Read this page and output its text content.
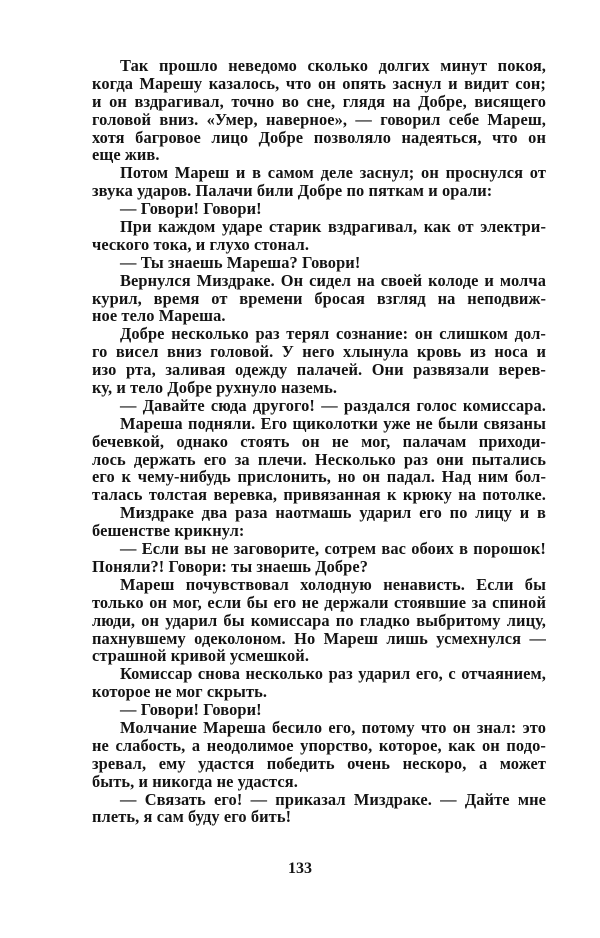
Так прошло неведомо сколько долгих минут покоя,
когда Марешу казалось, что он опять заснул и видит сон;
и он вздрагивал, точно во сне, глядя на Добре, висящего
головой вниз. «Умер, наверное», — говорил себе Мареш,
хотя багровое лицо Добре позволяло надеяться, что он
еще жив.
Потом Мареш и в самом деле заснул; он проснулся от
звука ударов. Палачи били Добре по пяткам и орали:
— Говори! Говори!
При каждом ударе старик вздрагивал, как от электри-
ческого тока, и глухо стонал.
— Ты знаешь Мареша? Говори!
Вернулся Миздраке. Он сидел на своей колоде и молча
курил, время от времени бросая взгляд на неподвиж-
ное тело Мареша.
Добре несколько раз терял сознание: он слишком дол-
го висел вниз головой. У него хлынула кровь из носа и
изо рта, заливая одежду палачей. Они развязали верев-
ку, и тело Добре рухнуло наземь.
— Давайте сюда другого! — раздался голос комиссара.
Мареша подняли. Его щиколотки уже не были связаны
бечевкой, однако стоять он не мог, палачам приходи-
лось держать его за плечи. Несколько раз они пытались
его к чему-нибудь прислонить, но он падал. Над ним бол-
талась толстая веревка, привязанная к крюку на потолке.
Миздраке два раза наотмашь ударил его по лицу и в
бешенстве крикнул:
— Если вы не заговорите, сотрем вас обоих в порошок!
Поняли?! Говори: ты знаешь Добре?
Мареш почувствовал холодную ненависть. Если бы
только он мог, если бы его не держали стоявшие за спиной
люди, он ударил бы комиссара по гладко выбритому лицу,
пахнувшему одеколоном. Но Мареш лишь усмехнулся —
страшной кривой усмешкой.
Комиссар снова несколько раз ударил его, с отчаянием,
которое не мог скрыть.
— Говори! Говори!
Молчание Мареша бесило его, потому что он знал: это
не слабость, а неодолимое упорство, которое, как он подо-
зревал, ему удастся победить очень нескоро, а может
быть, и никогда не удастся.
— Связать его! — приказал Миздраке. — Дайте мне
плеть, я сам буду его бить!
133
